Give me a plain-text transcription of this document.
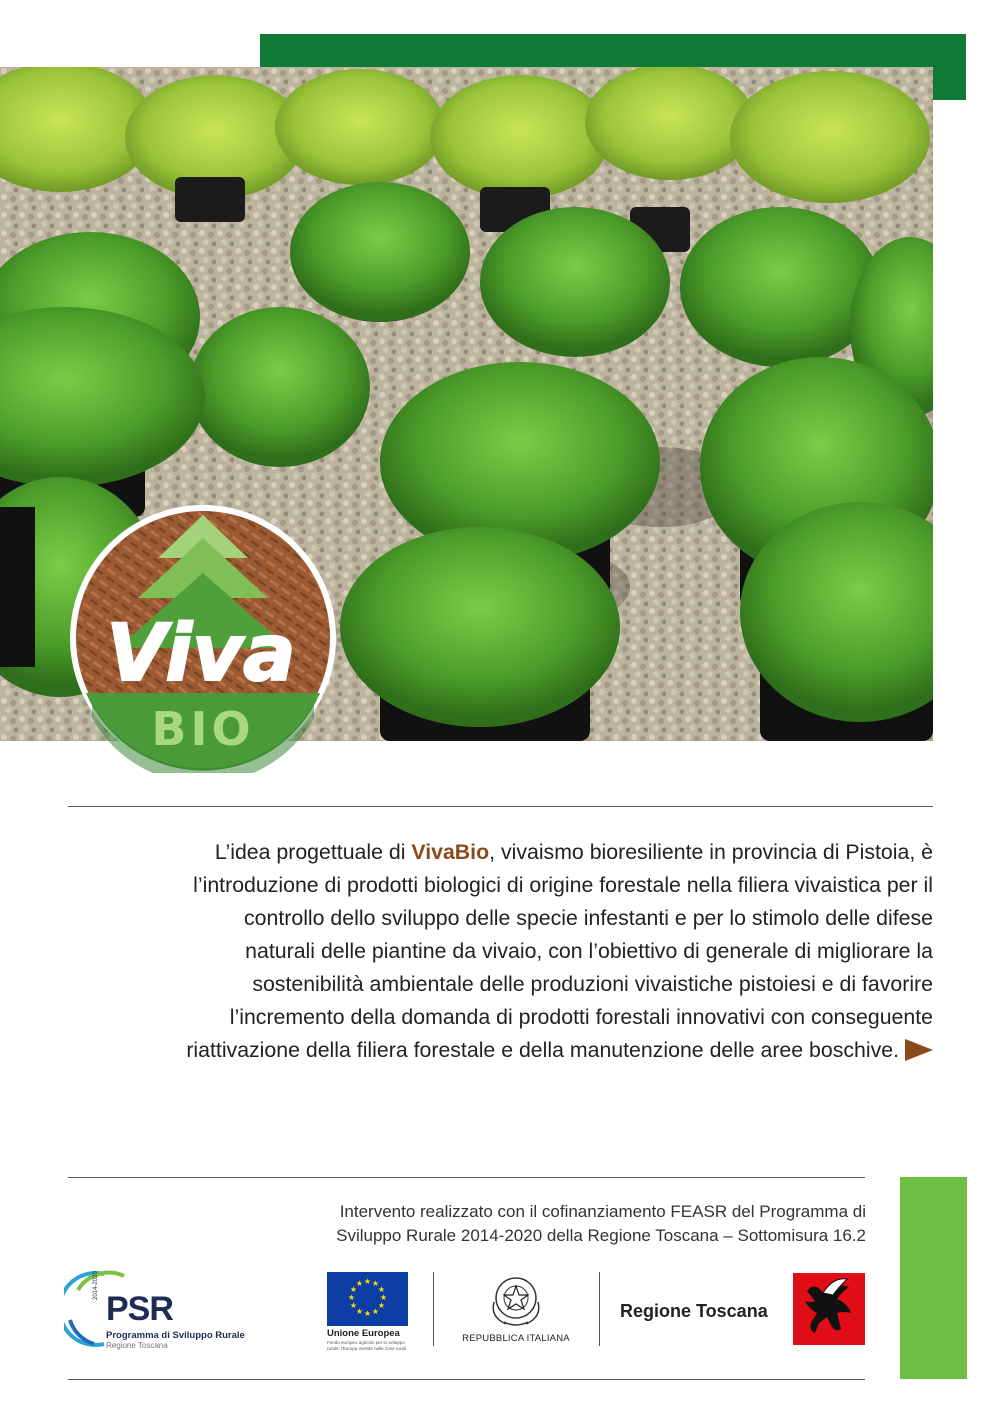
Viva
BIO
L’idea progettuale di VivaBio, vivaismo bioresiliente in provincia di Pistoia, è l’introduzione di prodotti biologici di origine forestale nella filiera vivaistica per il controllo dello sviluppo delle specie infestanti e per lo stimolo delle difese naturali delle piantine da vivaio, con l’obiettivo di generale di migliorare la sostenibilità ambientale delle produzioni vivaistiche pistoiesi e di favorire l’incremento della domanda di prodotti forestali innovativi con conseguente riattivazione della filiera forestale e della manutenzione delle aree boschive.
Intervento realizzato con il cofinanziamento FEASR del Programma di
Sviluppo Rurale 2014-2020 della Regione Toscana – Sottomisura 16.2
2014-2020
PSR
Programma di Sviluppo Rurale
Regione Toscana
★ ★
★
★
★
★
★
★
★
★
★
★
Unione Europea
Fondo europeo agricolo per lo sviluppo rurale: l'Europa investe nelle zone rurali
REPUBBLICA ITALIANA
Regione Toscana
